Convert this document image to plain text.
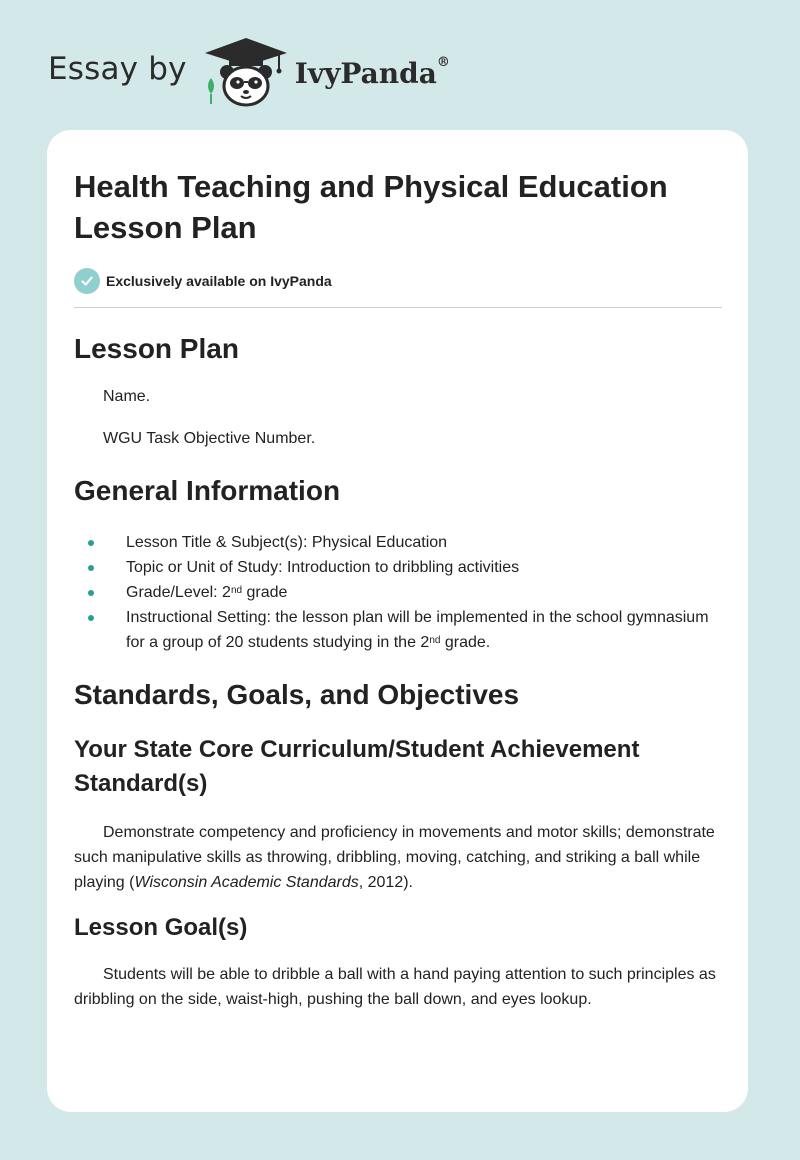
Essay by	IvyPanda®
Health Teaching and Physical Education Lesson Plan
Exclusively available on IvyPanda
Lesson Plan

Name.

WGU Task Objective Number.

General Information
Lesson Title & Subject(s): Physical Education
Topic or Unit of Study: Introduction to dribbling activities
Grade/Level: 2nd grade
Instructional Setting: the lesson plan will be implemented in the school gymnasium for a group of 20 students studying in the 2nd grade.
Standards, Goals, and Objectives
Your State Core Curriculum/Student Achievement Standard(s)

Demonstrate competency and proficiency in movements and motor skills; demonstrate such manipulative skills as throwing, dribbling, moving, catching, and striking a ball while playing (Wisconsin Academic Standards, 2012).

Lesson Goal(s)

Students will be able to dribble a ball with a hand paying attention to such principles as dribbling on the side, waist-high, pushing the ball down, and eyes lookup.
